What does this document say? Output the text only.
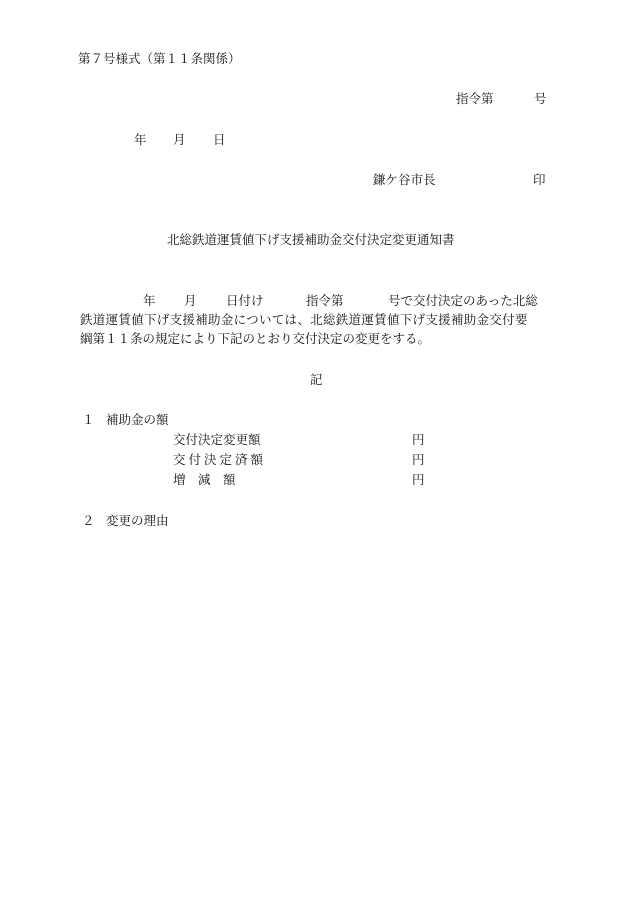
第７号様式（第１１条関係）
指令第	号
年 月 日
鎌ケ谷市長	印
北総鉄道運賃値下げ支援補助金交付決定変更通知書
年 月 日付け	指令第	号で交付決定のあった北総
鉄道運賃値下げ支援補助金については、北総鉄道運賃値下げ支援補助金交付要
綱第１１条の規定により下記のとおり交付決定の変更をする。
記
１ 補助金の額
交付決定変更額	円
交付決定済額	円
増　減　額	円
２ 変更の理由
